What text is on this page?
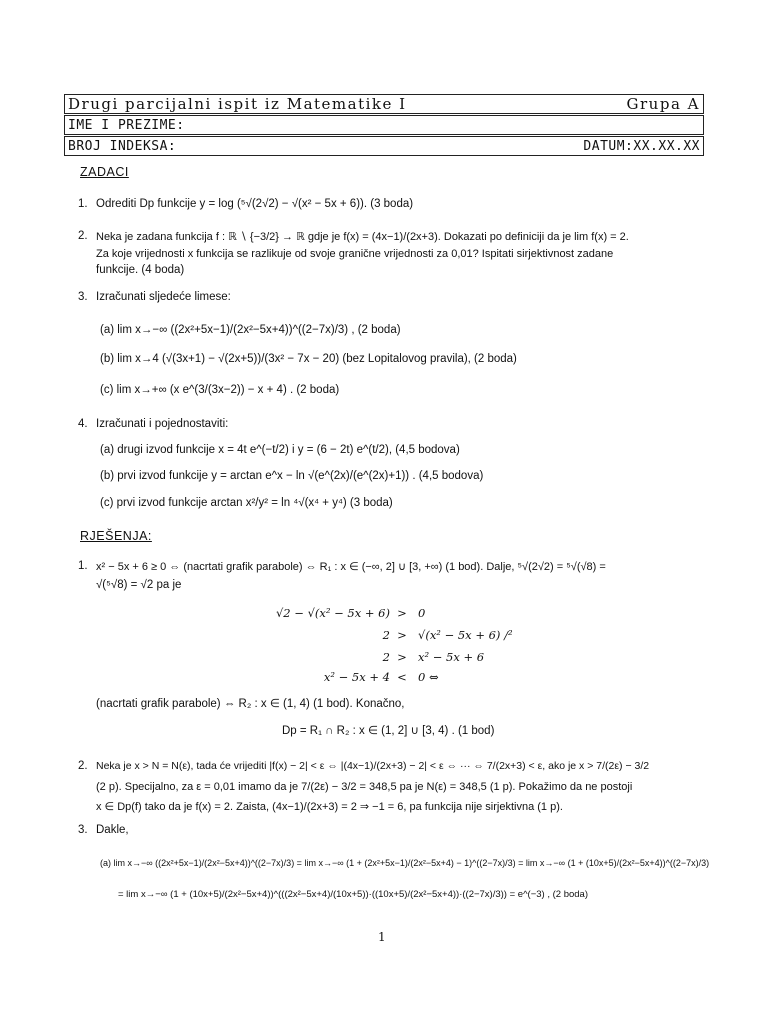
Drugi parcijalni ispit iz Matematike I	Grupa A
IME I PREZIME:
BROJ INDEKSA:	DATUM:XX.XX.XX
ZADACI
1. Odrediti Dp funkcije y = log (⁵√(2√2) − √(x² − 5x + 6)). (3 boda)
2. Neka je zadana funkcija f : ℝ ∖ {−3/2} → ℝ gdje je f(x) = (4x−1)/(2x+3). Dokazati po definiciji da je lim f(x) = 2.
Za koje vrijednosti x funkcija se razlikuje od svoje granične vrijednosti za 0,01? Ispitati sirjektivnost zadane
funkcije. (4 boda)
3. Izračunati sljedeće limese:
(a) lim x→−∞ ((2x²+5x−1)/(2x²−5x+4))^((2−7x)/3) , (2 boda)
(b) lim x→4 (√(3x+1) − √(2x+5))/(3x² − 7x − 20) (bez Lopitalovog pravila), (2 boda)
(c) lim x→+∞ (x e^(3/(3x−2)) − x + 4) . (2 boda)
4. Izračunati i pojednostaviti:
(a) drugi izvod funkcije x = 4t e^(−t/2) i y = (6 − 2t) e^(t/2), (4,5 bodova)
(b) prvi izvod funkcije y = arctan e^x − ln √(e^(2x)/(e^(2x)+1)) . (4,5 bodova)
(c) prvi izvod funkcije arctan x²/y² = ln ⁴√(x⁴ + y⁴) (3 boda)
RJEŠENJA:
1. x² − 5x + 6 ≥ 0 ⇔ (nacrtati grafik parabole) ⇔ R₁ : x ∈ (−∞, 2] ∪ [3, +∞) (1 bod). Dalje, ⁵√(2√2) = ⁵√(√8) =
√(⁵√8) = √2 pa je
√2 − √(x² − 5x + 6) > 0
2 > √(x² − 5x + 6) /²
2 > x² − 5x + 6
x² − 5x + 4 < 0 ⇔
(nacrtati grafik parabole) ⇔ R₂ : x ∈ (1, 4) (1 bod). Konačno,
Dp = R₁ ∩ R₂ : x ∈ (1, 2] ∪ [3, 4) . (1 bod)
2. Neka je x > N = N(ε), tada će vrijediti |f(x) − 2| < ε ⇔ |(4x−1)/(2x+3) − 2| < ε ⇔ ··· ⇔ 7/(2x+3) < ε, ako je x > 7/(2ε) − 3/2
(2 p). Specijalno, za ε = 0,01 imamo da je 7/(2ε) − 3/2 = 348,5 pa je N(ε) = 348,5 (1 p). Pokažimo da ne postoji
x ∈ Dp(f) tako da je f(x) = 2. Zaista, (4x−1)/(2x+3) = 2 ⇒ −1 = 6, pa funkcija nije sirjektivna (1 p).
3. Dakle,
(a) lim x→−∞ ((2x²+5x−1)/(2x²−5x+4))^((2−7x)/3) = lim x→−∞ (1 + (2x²+5x−1)/(2x²−5x+4) − 1)^((2−7x)/3) = lim x→−∞ (1 + (10x+5)/(2x²−5x+4))^((2−7x)/3)
= lim x→−∞ (1 + (10x+5)/(2x²−5x+4))^(((2x²−5x+4)/(10x+5))·((10x+5)/(2x²−5x+4))·((2−7x)/3)) = e^(−3) , (2 boda)
1
